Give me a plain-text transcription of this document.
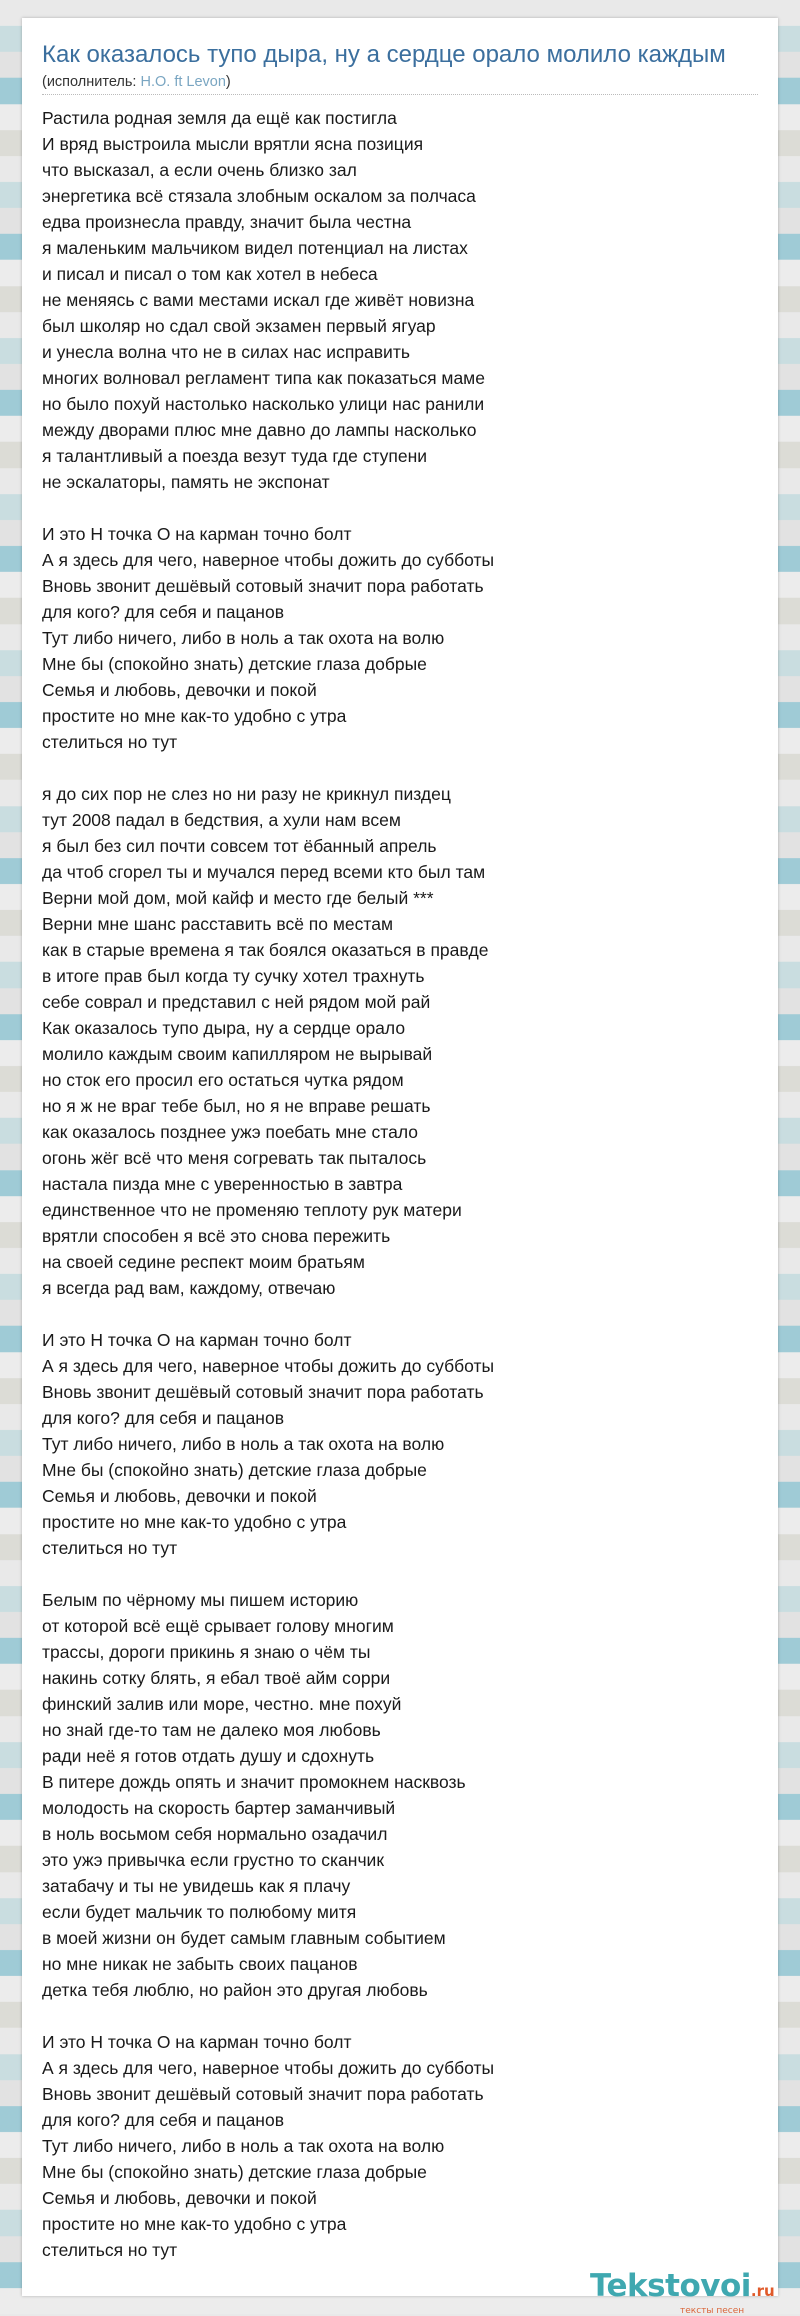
Как оказалось тупо дыра, ну а сердце орало молило каждым
(исполнитель: H.O. ft Levon)
Растила родная земля да ещё как постигла
И вряд выстроила мысли врятли ясна позиция
что высказал, а если очень близко зал
энергетика всё стязала злобным оскалом за полчаса
едва произнесла правду, значит была честна
я маленьким мальчиком видел потенциал на листах
и писал и писал о том как хотел в небеса
не меняясь с вами местами искал где живёт новизна
был школяр но сдал свой экзамен первый ягуар
и унесла волна что не в силах нас исправить
многих волновал регламент типа как показаться маме
но было похуй настолько насколько улици нас ранили
между дворами плюс мне давно до лампы насколько
я талантливый а поезда везут туда где ступени
не эскалаторы, память не экспонат
И это Н точка О на карман точно болт
А я здесь для чего, наверное чтобы дожить до субботы
Вновь звонит дешёвый сотовый значит пора работать
для кого? для себя и пацанов
Тут либо ничего, либо в ноль а так охота на волю
Мне бы (спокойно знать) детские глаза добрые
Семья и любовь, девочки и покой
простите но мне как-то удобно с утра
стелиться но тут
я до сих пор не слез но ни разу не крикнул пиздец
тут 2008 падал в бедствия, а хули нам всем
я был без сил почти совсем тот ёбанный апрель
да чтоб сгорел ты и мучался перед всеми кто был там
Верни мой дом, мой кайф и место где белый ***
Верни мне шанс расставить всё по местам
как в старые времена я так боялся оказаться в правде
в итоге прав был когда ту сучку хотел трахнуть
себе соврал и представил с ней рядом мой рай
Как оказалось тупо дыра, ну а сердце орало
молило каждым своим капилляром не вырывай
но сток его просил его остаться чутка рядом
но я ж не враг тебе был, но я не вправе решать
как оказалось позднее ужэ поебать мне стало
огонь жёг всё что меня согревать так пыталось
настала пизда мне с уверенностью в завтра
единственное что не променяю теплоту рук матери
врятли способен я всё это снова пережить
на своей седине респект моим братьям
я всегда рад вам, каждому, отвечаю
И это Н точка О на карман точно болт
А я здесь для чего, наверное чтобы дожить до субботы
Вновь звонит дешёвый сотовый значит пора работать
для кого? для себя и пацанов
Тут либо ничего, либо в ноль а так охота на волю
Мне бы (спокойно знать) детские глаза добрые
Семья и любовь, девочки и покой
простите но мне как-то удобно с утра
стелиться но тут
Белым по чёрному мы пишем историю
от которой всё ещё срывает голову многим
трассы, дороги прикинь я знаю о чём ты
накинь сотку блять, я ебал твоё айм сорри
финский залив или море, честно. мне похуй
но знай где-то там не далеко моя любовь
ради неё я готов отдать душу и сдохнуть
В питере дождь опять и значит промокнем насквозь
молодость на скорость бартер заманчивый
в ноль восьмом себя нормально озадачил
это ужэ привычка если грустно то сканчик
затабачу и ты не увидешь как я плачу
если будет мальчик то полюбому митя
в моей жизни он будет самым главным событием
но мне никак не забыть своих пацанов
детка тебя люблю, но район это другая любовь
И это Н точка О на карман точно болт
А я здесь для чего, наверное чтобы дожить до субботы
Вновь звонит дешёвый сотовый значит пора работать
для кого? для себя и пацанов
Тут либо ничего, либо в ноль а так охота на волю
Мне бы (спокойно знать) детские глаза добрые
Семья и любовь, девочки и покой
простите но мне как-то удобно с утра
стелиться но тут
Tekstovoi.ru
тексты песен
